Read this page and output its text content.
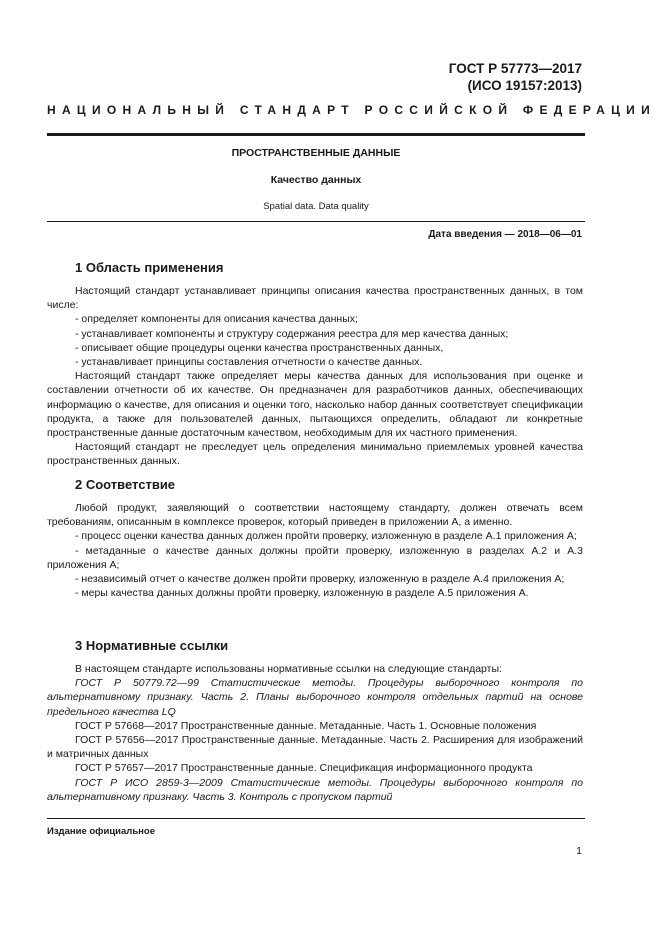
ГОСТ Р 57773—2017
(ИСО 19157:2013)
НАЦИОНАЛЬНЫЙ СТАНДАРТ РОССИЙСКОЙ ФЕДЕРАЦИИ
ПРОСТРАНСТВЕННЫЕ ДАННЫЕ
Качество данных
Spatial data. Data quality
Дата введения — 2018—06—01
1 Область применения

Настоящий стандарт устанавливает принципы описания качества пространственных данных, в том числе:

- определяет компоненты для описания качества данных;

- устанавливает компоненты и структуру содержания реестра для мер качества данных;

- описывает общие процедуры оценки качества пространственных данных,

- устанавливает принципы составления отчетности о качестве данных.

Настоящий стандарт также определяет меры качества данных для использования при оценке и составлении отчетности об их качестве. Он предназначен для разработчиков данных, обеспечивающих информацию о качестве, для описания и оценки того, насколько набор данных соответствует спецификации продукта, а также для пользователей данных, пытающихся определить, обладают ли конкретные пространственные данные достаточным качеством, необходимым для их частного применения.

Настоящий стандарт не преследует цель определения минимально приемлемых уровней качества пространственных данных.

2 Соответствие

Любой продукт, заявляющий о соответствии настоящему стандарту, должен отвечать всем требованиям, описанным в комплексе проверок, который приведен в приложении А, а именно.

- процесс оценки качества данных должен пройти проверку, изложенную в разделе А.1 приложения А;

- метаданные о качестве данных должны пройти проверку, изложенную в разделах А.2 и А.3 приложения А;

- независимый отчет о качестве должен пройти проверку, изложенную в разделе А.4 приложения А;

- меры качества данных должны пройти проверку, изложенную в разделе А.5 приложения А.

3 Нормативные ссылки

В настоящем стандарте использованы нормативные ссылки на следующие стандарты:

ГОСТ Р 50779.72—99 Статистические методы. Процедуры выборочного контроля по альтернативному признаку. Часть 2. Планы выборочного контроля отдельных партий на основе предельного качества LQ

ГОСТ Р 57668—2017 Пространственные данные. Метаданные. Часть 1. Основные положения

ГОСТ Р 57656—2017 Пространственные данные. Метаданные. Часть 2. Расширения для изображений и матричных данных

ГОСТ Р 57657—2017 Пространственные данные. Спецификация информационного продукта

ГОСТ Р ИСО 2859-3—2009 Статистические методы. Процедуры выборочного контроля по альтернативному признаку. Часть 3. Контроль с пропуском партий

Издание официальное
1
